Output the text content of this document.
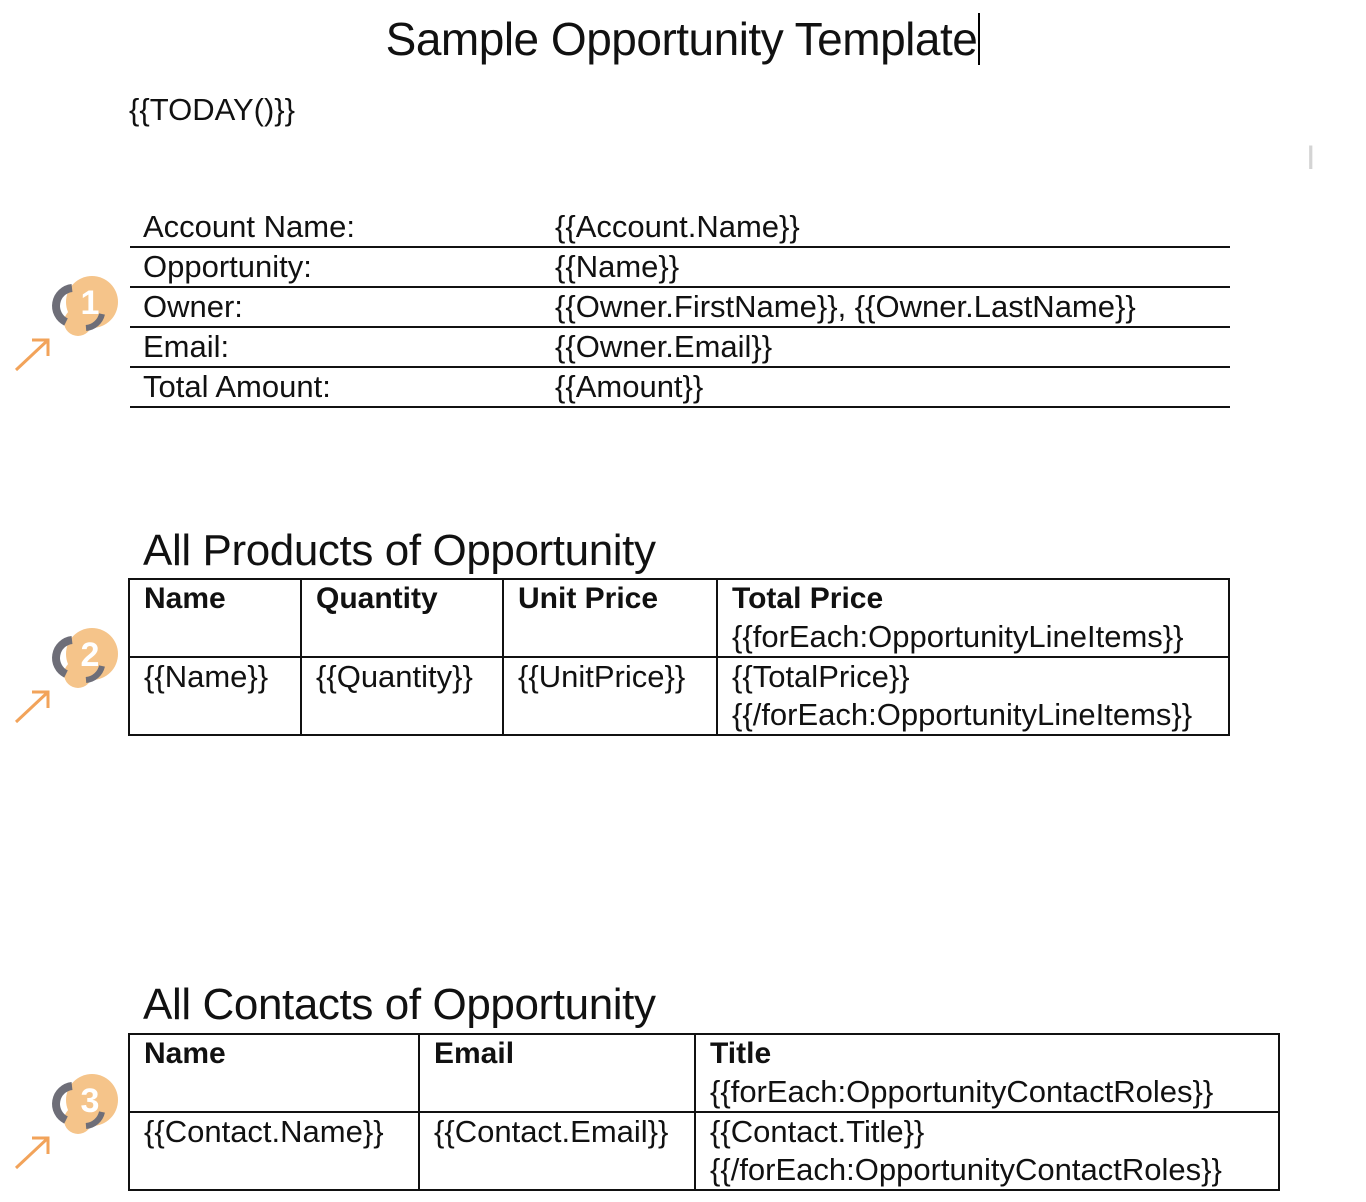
Sample Opportunity Template
{{TODAY()}}
I
Account Name:	{{Account.Name}}
Opportunity:	{{Name}}
Owner:	{{Owner.FirstName}}, {{Owner.LastName}}
Email:	{{Owner.Email}}
Total Amount:	{{Amount}}
All Products of Opportunity
Name	Quantity	Unit Price	Total Price
{{forEach:OpportunityLineItems}}

{{Name}}	{{Quantity}}	{{UnitPrice}}	{{TotalPrice}}
{{/forEach:OpportunityLineItems}}
All Contacts of Opportunity
Name	Email	Title
{{forEach:OpportunityContactRoles}}

{{Contact.Name}}	{{Contact.Email}}	{{Contact.Title}}
{{/forEach:OpportunityContactRoles}}
1
2
3
